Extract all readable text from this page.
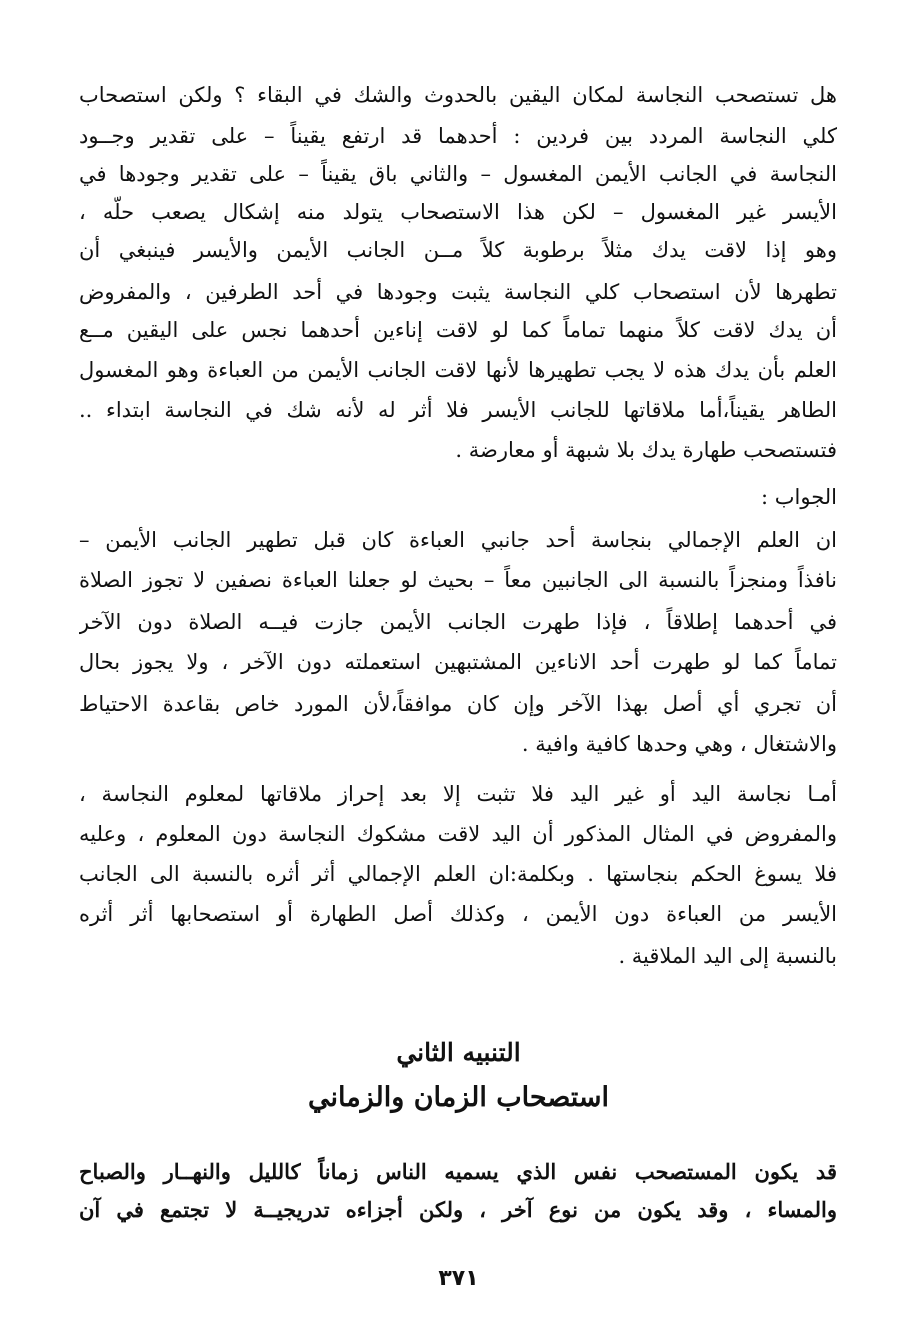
هل تستصحب النجاسة لمكان اليقين بالحدوث والشك في البقاء ؟ ولكن استصحاب
كلي النجاسة المردد بين فردين : أحدهما قد ارتفع يقيناً – على تقدير وجــود
النجاسة في الجانب الأيمن المغسول – والثاني باق يقيناً – على تقدير وجودها في
الأيسر غير المغسول – لكن هذا الاستصحاب يتولد منه إشكال يصعب حلّه ،
وهو إذا لاقت يدك مثلاً برطوبة كلاً مــن الجانب الأيمن والأيسر فينبغي أن
تطهرها لأن استصحاب كلي النجاسة يثبت وجودها في أحد الطرفين ، والمفروض
أن يدك لاقت كلاً منهما تماماً كما لو لاقت إناءين أحدهما نجس على اليقين مــع
العلم بأن يدك هذه لا يجب تطهيرها لأنها لاقت الجانب الأيمن من العباءة وهو المغسول
الطاهر يقيناً،أما ملاقاتها للجانب الأيسر فلا أثر له لأنه شك في النجاسة ابتداء ..
فتستصحب طهارة يدك بلا شبهة أو معارضة .
الجواب :
ان العلم الإجمالي بنجاسة أحد جانبي العباءة كان قبل تطهير الجانب الأيمن –
نافذاً ومنجزاً بالنسبة الى الجانبين معاً – بحيث لو جعلنا العباءة نصفين لا تجوز الصلاة
في أحدهما إطلاقاً ، فإذا طهرت الجانب الأيمن جازت فيــه الصلاة دون الآخر
تماماً كما لو طهرت أحد الاناءين المشتبهين استعملته دون الآخر ، ولا يجوز بحال
أن تجري أي أصل بهذا الآخر وإن كان موافقاً،لأن المورد خاص بقاعدة الاحتياط
والاشتغال ، وهي وحدها كافية وافية .
أمـا نجاسة اليد أو غير اليد فلا تثبت إلا بعد إحراز ملاقاتها لمعلوم النجاسة ،
والمفروض في المثال المذكور أن اليد لاقت مشكوك النجاسة دون المعلوم ، وعليه
فلا يسوغ الحكم بنجاستها . وبكلمة:ان العلم الإجمالي أثر أثره بالنسبة الى الجانب
الأيسر من العباءة دون الأيمن ، وكذلك أصل الطهارة أو استصحابها أثر أثره
بالنسبة إلى اليد الملاقية .
التنبيه الثاني
استصحاب الزمان والزماني
قد يكون المستصحب نفس الذي يسميه الناس زماناً كالليل والنهــار والصباح
والمساء ، وقد يكون من نوع آخر ، ولكن أجزاءه تدريجيــة لا تجتمع في آن
٣٧١
